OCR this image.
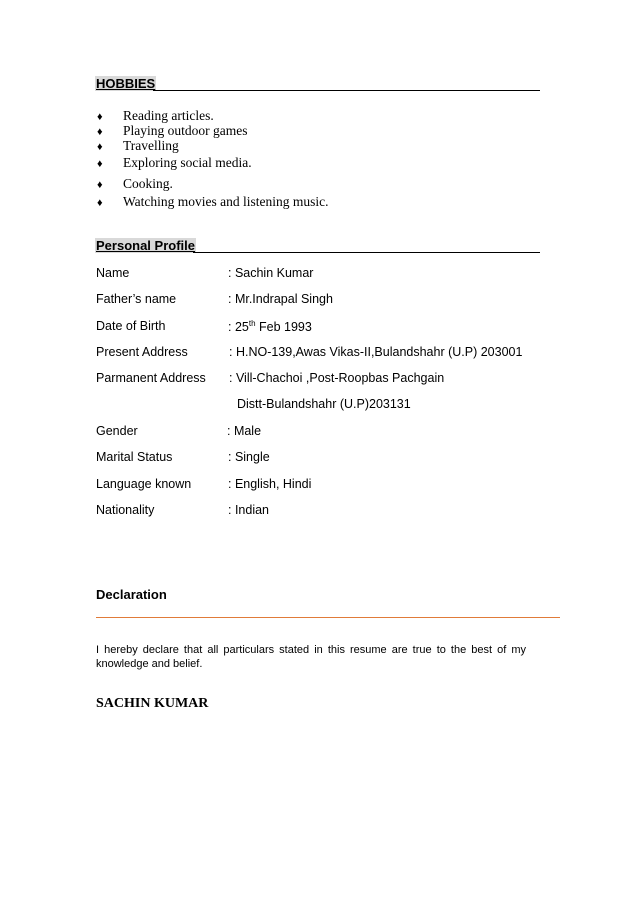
HOBBIES
♦ Reading articles.
♦ Playing outdoor games
♦ Travelling
♦ Exploring social media.
♦ Cooking.
♦ Watching movies and listening music.
Personal Profile
Name	: Sachin Kumar
Father’s name	: Mr.Indrapal Singh
Date of Birth	: 25th Feb 1993
Present Address	: H.NO-139,Awas Vikas-II,Bulandshahr (U.P) 203001
Parmanent Address : Vill-Chachoi ,Post-Roopbas Pachgain
Distt-Bulandshahr (U.P)203131
Gender	: Male
Marital Status	: Single
Language known	: English, Hindi
Nationality	: Indian
Declaration
I hereby declare that all particulars stated in this resume are true to the best of my knowledge and belief.
SACHIN KUMAR
